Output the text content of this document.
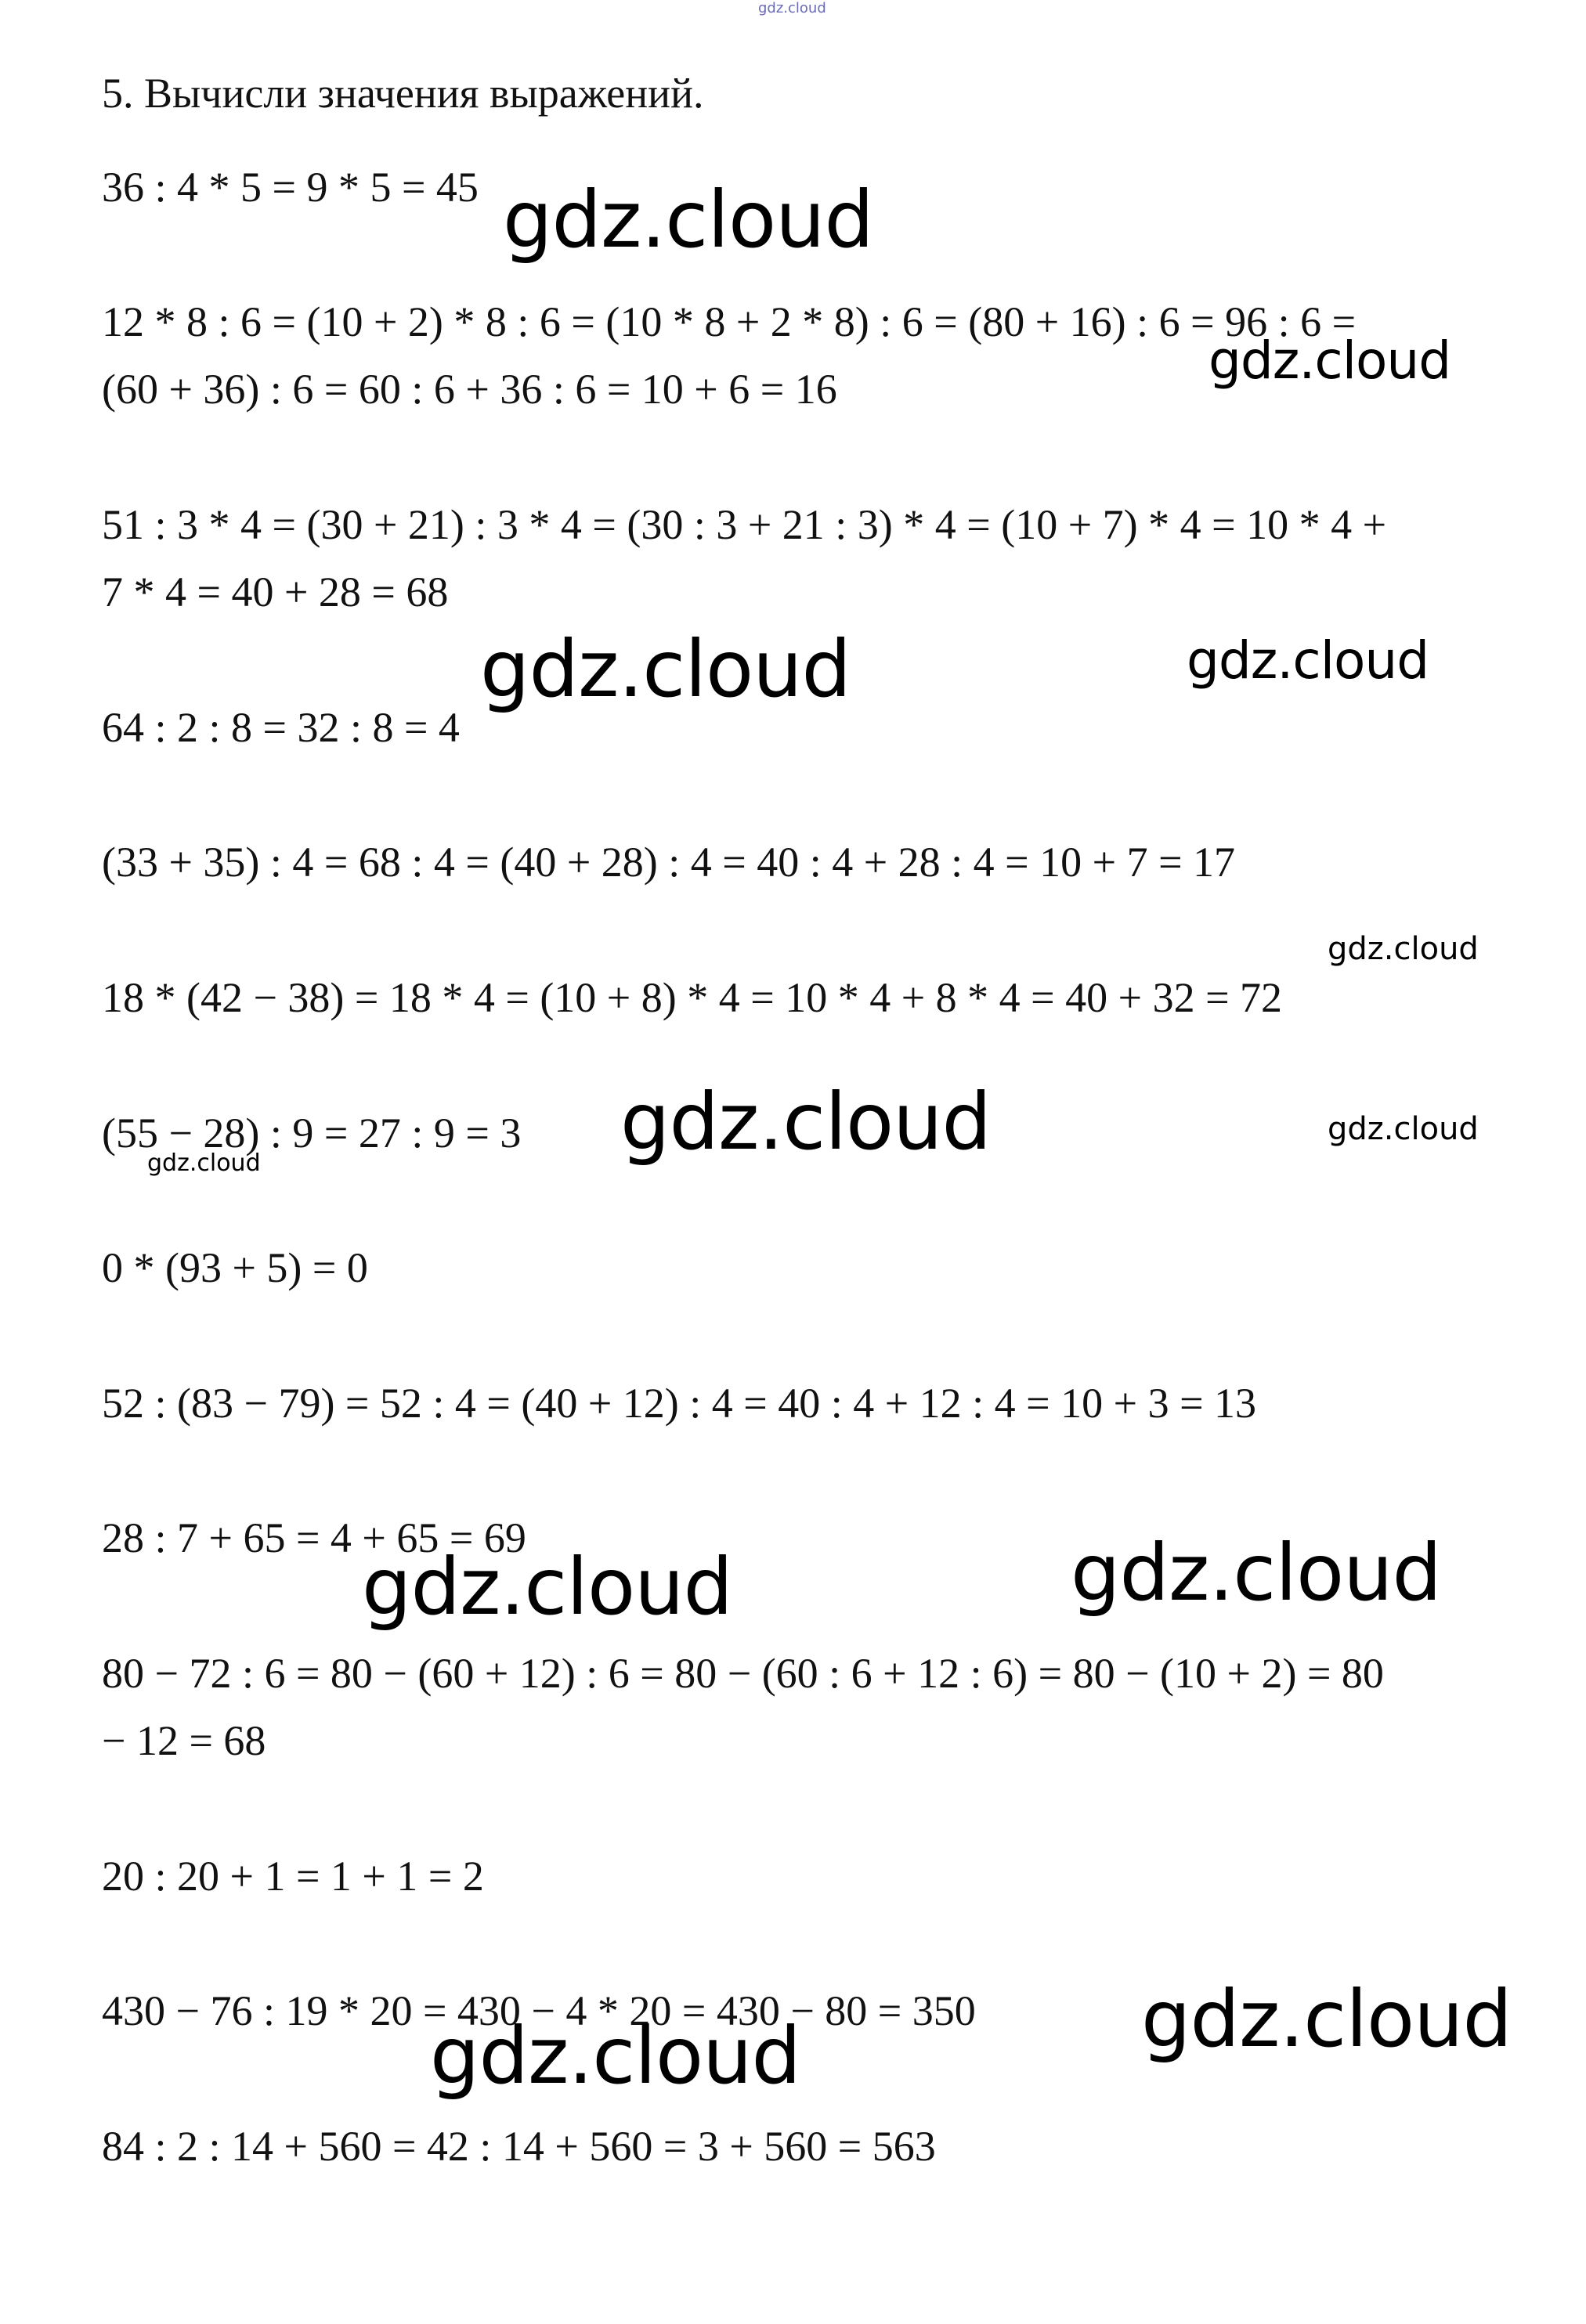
gdz.cloud
5. Вычисли значения выражений.
36 : 4 * 5 = 9 * 5 = 45
12 * 8 : 6 = (10 + 2) * 8 : 6 = (10 * 8 + 2 * 8) : 6 = (80 + 16) : 6 = 96 : 6 =
(60 + 36) : 6 = 60 : 6 + 36 : 6 = 10 + 6 = 16
51 : 3 * 4 = (30 + 21) : 3 * 4 = (30 : 3 + 21 : 3) * 4 = (10 + 7) * 4 = 10 * 4 +
7 * 4 = 40 + 28 = 68
64 : 2 : 8 = 32 : 8 = 4
(33 + 35) : 4 = 68 : 4 = (40 + 28) : 4 = 40 : 4 + 28 : 4 = 10 + 7 = 17
18 * (42 − 38) = 18 * 4 = (10 + 8) * 4 = 10 * 4 + 8 * 4 = 40 + 32 = 72
(55 − 28) : 9 = 27 : 9 = 3
0 * (93 + 5) = 0
52 : (83 − 79) = 52 : 4 = (40 + 12) : 4 = 40 : 4 + 12 : 4 = 10 + 3 = 13
28 : 7 + 65 = 4 + 65 = 69
80 − 72 : 6 = 80 − (60 + 12) : 6 = 80 − (60 : 6 + 12 : 6) = 80 − (10 + 2) = 80
− 12 = 68
20 : 20 + 1 = 1 + 1 = 2
430 − 76 : 19 * 20 = 430 − 4 * 20 = 430 − 80 = 350
84 : 2 : 14 + 560 = 42 : 14 + 560 = 3 + 560 = 563
gdz.cloud
gdz.cloud
gdz.cloud	gdz.cloud
gdz.cloud
gdz.cloud	gdz.cloud
gdz.cloud
gdz.cloud	gdz.cloud
gdz.cloud
gdz.cloud
